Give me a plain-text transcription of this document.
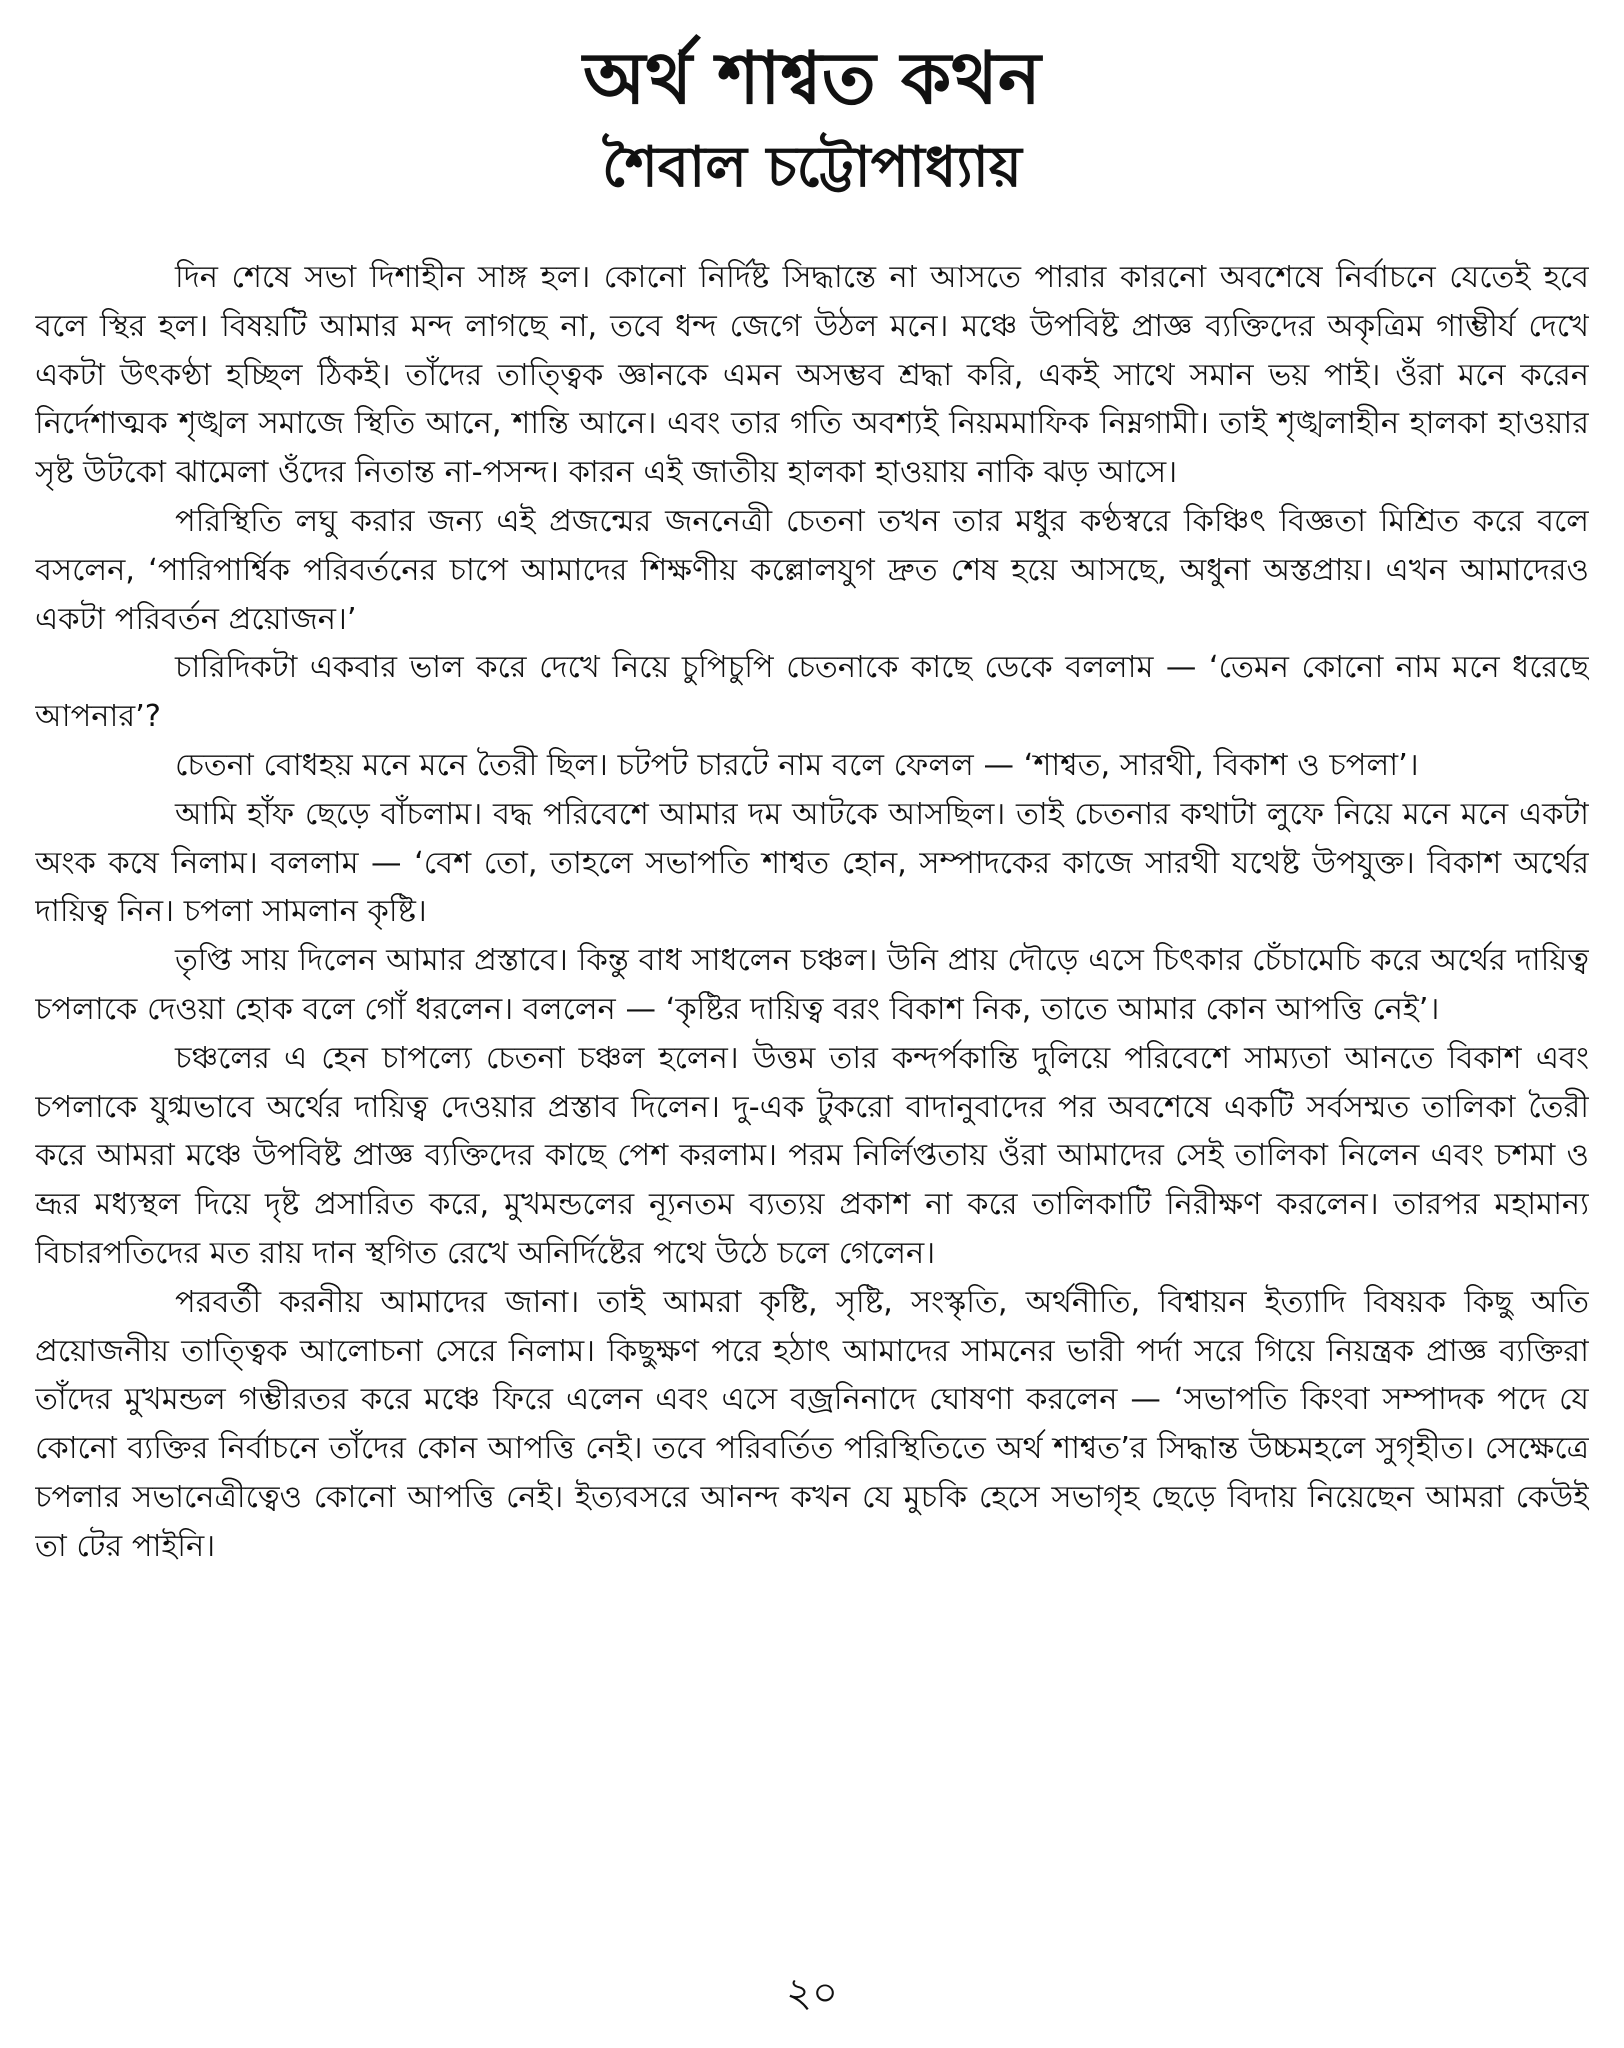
অর্থ শাশ্বত কথন
শৈবাল চট্টোপাধ্যায়

দিন শেষে সভা দিশাহীন সাঙ্গ হল। কোনো নির্দিষ্ট সিদ্ধান্তে না আসতে পারার কারনো অবশেষে নির্বাচনে যেতেই হবে বলে স্থির হল। বিষয়টি আমার মন্দ লাগছে না, তবে ধন্দ জেগে উঠল মনে। মঞ্চে উপবিষ্ট প্রাজ্ঞ ব্যক্তিদের অকৃত্রিম গাম্ভীর্য দেখে একটা উৎকণ্ঠা হচ্ছিল ঠিকই। তাঁদের তাত্ত্বিক জ্ঞানকে এমন অসম্ভব শ্রদ্ধা করি, একই সাথে সমান ভয় পাই। ওঁরা মনে করেন নির্দেশাত্মক শৃঙ্খল সমাজে স্থিতি আনে, শান্তি আনে। এবং তার গতি অবশ্যই নিয়মমাফিক নিম্নগামী। তাই শৃঙ্খলাহীন হালকা হাওয়ার সৃষ্ট উটকো ঝামেলা ওঁদের নিতান্ত না-পসন্দ। কারন এই জাতীয় হালকা হাওয়ায় নাকি ঝড় আসে।

পরিস্থিতি লঘু করার জন্য এই প্রজন্মের জননেত্রী চেতনা তখন তার মধুর কণ্ঠস্বরে কিঞ্চিৎ বিজ্ঞতা মিশ্রিত করে বলে বসলেন, ‘পারিপার্শ্বিক পরিবর্তনের চাপে আমাদের শিক্ষণীয় কল্লোলযুগ দ্রুত শেষ হয়ে আসছে, অধুনা অস্তপ্রায়। এখন আমাদেরও একটা পরিবর্তন প্রয়োজন।’

চারিদিকটা একবার ভাল করে দেখে নিয়ে চুপিচুপি চেতনাকে কাছে ডেকে বললাম — ‘তেমন কোনো নাম মনে ধরেছে আপনার’?

চেতনা বোধহয় মনে মনে তৈরী ছিল। চটপট চারটে নাম বলে ফেলল — ‘শাশ্বত, সারথী, বিকাশ ও চপলা’।

আমি হাঁফ ছেড়ে বাঁচলাম। বদ্ধ পরিবেশে আমার দম আটকে আসছিল। তাই চেতনার কথাটা লুফে নিয়ে মনে মনে একটা অংক কষে নিলাম। বললাম — ‘বেশ তো, তাহলে সভাপতি শাশ্বত হোন, সম্পাদকের কাজে সারথী যথেষ্ট উপযুক্ত। বিকাশ অর্থের দায়িত্ব নিন। চপলা সামলান কৃষ্টি।

তৃপ্তি সায় দিলেন আমার প্রস্তাবে। কিন্তু বাধ সাধলেন চঞ্চল। উনি প্রায় দৌড়ে এসে চিৎকার চেঁচামেচি করে অর্থের দায়িত্ব চপলাকে দেওয়া হোক বলে গোঁ ধরলেন। বললেন — ‘কৃষ্টির দায়িত্ব বরং বিকাশ নিক, তাতে আমার কোন আপত্তি নেই’।

চঞ্চলের এ হেন চাপল্যে চেতনা চঞ্চল হলেন। উত্তম তার কন্দর্পকান্তি দুলিয়ে পরিবেশে সাম্যতা আনতে বিকাশ এবং চপলাকে যুগ্মভাবে অর্থের দায়িত্ব দেওয়ার প্রস্তাব দিলেন। দু-এক টুকরো বাদানুবাদের পর অবশেষে একটি সর্বসম্মত তালিকা তৈরী করে আমরা মঞ্চে উপবিষ্ট প্রাজ্ঞ ব্যক্তিদের কাছে পেশ করলাম। পরম নির্লিপ্ততায় ওঁরা আমাদের সেই তালিকা নিলেন এবং চশমা ও ভ্রূর মধ্যস্থল দিয়ে দৃষ্ট প্রসারিত করে, মুখমন্ডলের ন্যূনতম ব্যত্যয় প্রকাশ না করে তালিকাটি নিরীক্ষণ করলেন। তারপর মহামান্য বিচারপতিদের মত রায় দান স্থগিত রেখে অনির্দিষ্টের পথে উঠে চলে গেলেন।

পরবর্তী করনীয় আমাদের জানা। তাই আমরা কৃষ্টি, সৃষ্টি, সংস্কৃতি, অর্থনীতি, বিশ্বায়ন ইত্যাদি বিষয়ক কিছু অতি প্রয়োজনীয় তাত্ত্বিক আলোচনা সেরে নিলাম। কিছুক্ষণ পরে হঠাৎ আমাদের সামনের ভারী পর্দা সরে গিয়ে নিয়ন্ত্রক প্রাজ্ঞ ব্যক্তিরা তাঁদের মুখমন্ডল গম্ভীরতর করে মঞ্চে ফিরে এলেন এবং এসে বজ্রনিনাদে ঘোষণা করলেন — ‘সভাপতি কিংবা সম্পাদক পদে যে কোনো ব্যক্তির নির্বাচনে তাঁদের কোন আপত্তি নেই। তবে পরিবর্তিত পরিস্থিতিতে অর্থ শাশ্বত’র সিদ্ধান্ত উচ্চমহলে সুগৃহীত। সেক্ষেত্রে চপলার সভানেত্রীত্বেও কোনো আপত্তি নেই। ইত্যবসরে আনন্দ কখন যে মুচকি হেসে সভাগৃহ ছেড়ে বিদায় নিয়েছেন আমরা কেউই তা টের পাইনি।

২০
